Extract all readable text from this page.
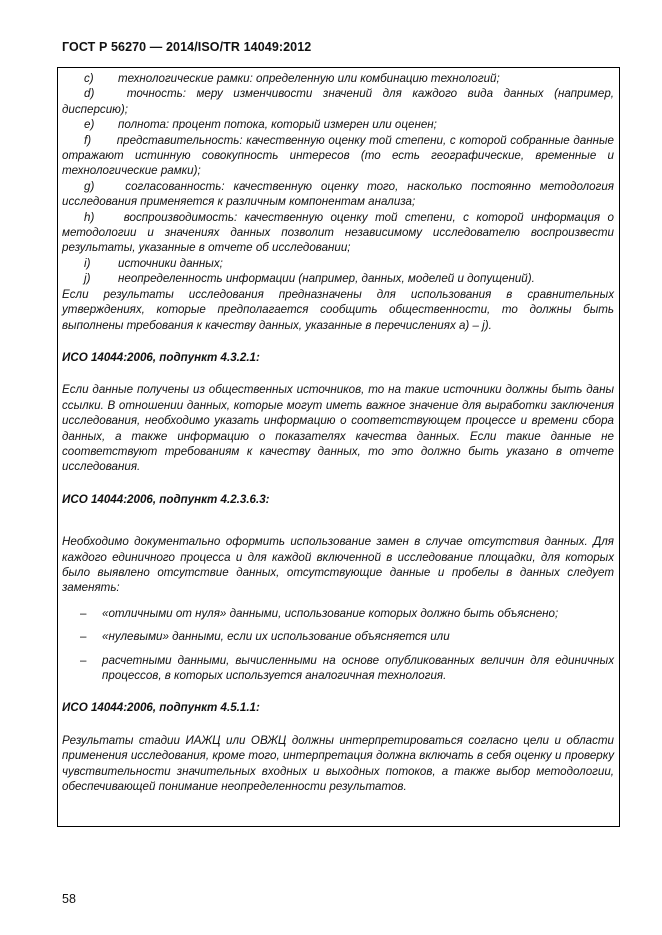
ГОСТ Р 56270 — 2014/ISO/TR 14049:2012
c)	технологические рамки: определенную или комбинацию технологий;
d)	точность: меру изменчивости значений для каждого вида данных (например, дисперсию);
e)	полнота: процент потока, который измерен или оценен;
f) представительность: качественную оценку той степени, с которой собранные данные отражают истинную совокупность интересов (то есть географические, временные и технологические рамки);
g)	согласованность: качественную оценку того, насколько постоянно методология исследования применяется к различным компонентам анализа;
h)	воспроизводимость: качественную оценку той степени, с которой информация о методологии и значениях данных позволит независимому исследователю воспроизвести результаты, указанные в отчете об исследовании;
i)	источники данных;
j)	неопределенность информации (например, данных, моделей и допущений).

Если результаты исследования предназначены для использования в сравнительных утверждениях, которые предполагается сообщить общественности, то должны быть выполнены требования к качеству данных, указанные в перечислениях a) – j).

ИСО 14044:2006, подпункт 4.3.2.1:

Если данные получены из общественных источников, то на такие источники должны быть даны ссылки. В отношении данных, которые могут иметь важное значение для выработки заключения исследования, необходимо указать информацию о соответствующем процессе и времени сбора данных, а также информацию о показателях качества данных. Если такие данные не соответствуют требованиям к качеству данных, то это должно быть указано в отчете исследования.

ИСО 14044:2006, подпункт 4.2.3.6.3:

Необходимо документально оформить использование замен в случае отсутствия данных. Для каждого единичного процесса и для каждой включенной в исследование площадки, для которых было выявлено отсутствие данных, отсутствующие данные и пробелы в данных следует заменять:

–	«отличными от нуля» данными, использование которых должно быть объяснено;
–	«нулевыми» данными, если их использование объясняется или
–	расчетными данными, вычисленными на основе опубликованных величин для единичных процессов, в которых используется аналогичная технология.

ИСО 14044:2006, подпункт 4.5.1.1:

Результаты стадии ИАЖЦ или ОВЖЦ должны интерпретироваться согласно цели и области применения исследования, кроме того, интерпретация должна включать в себя оценку и проверку чувствительности значительных входных и выходных потоков, а также выбор методологии, обеспечивающей понимание неопределенности результатов.

58
